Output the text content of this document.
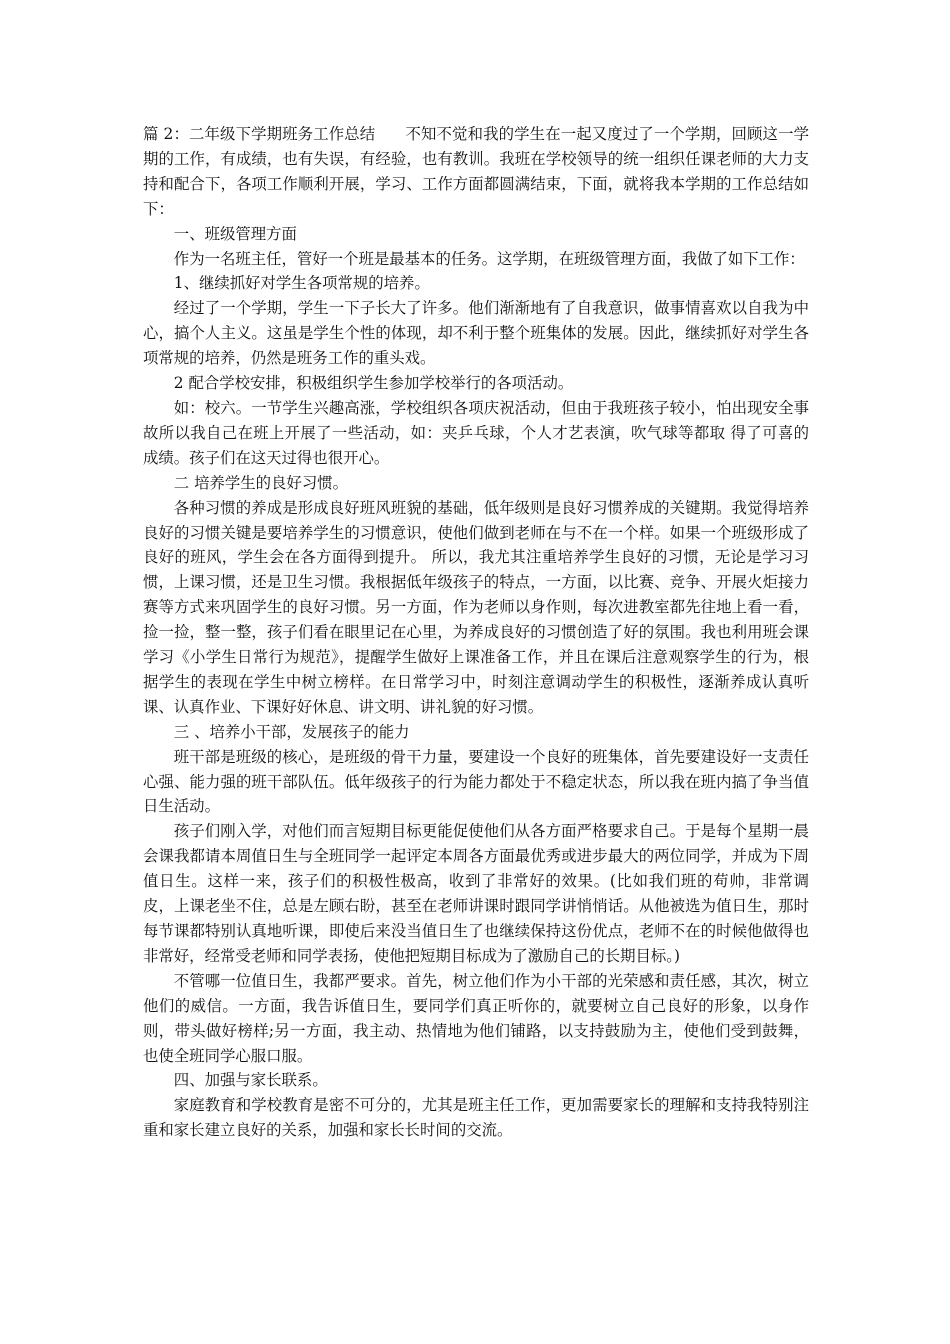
篇 2：二年级下学期班务工作总结 不知不觉和我的学生在一起又度过了一个学期，回顾这一学期的工作，有成绩，也有失误，有经验，也有教训。我班在学校领导的统一组织任课老师的大力支持和配合下，各项工作顺利开展，学习、工作方面都圆满结束，下面，就将我本学期的工作总结如下：

一、班级管理方面

作为一名班主任，管好一个班是最基本的任务。这学期，在班级管理方面，我做了如下工作：

1、继续抓好对学生各项常规的培养。

经过了一个学期，学生一下子长大了许多。他们渐渐地有了自我意识，做事情喜欢以自我为中心，搞个人主义。这虽是学生个性的体现，却不利于整个班集体的发展。因此，继续抓好对学生各项常规的培养，仍然是班务工作的重头戏。

2 配合学校安排，积极组织学生参加学校举行的各项活动。

如：校六。一节学生兴趣高涨，学校组织各项庆祝活动，但由于我班孩子较小，怕出现安全事故所以我自己在班上开展了一些活动，如：夹乒乓球，个人才艺表演，吹气球等都取 得了可喜的成绩。孩子们在这天过得也很开心。

二 培养学生的良好习惯。

各种习惯的养成是形成良好班风班貌的基础，低年级则是良好习惯养成的关键期。我觉得培养良好的习惯关键是要培养学生的习惯意识，使他们做到老师在与不在一个样。如果一个班级形成了良好的班风，学生会在各方面得到提升。 所以，我尤其注重培养学生良好的习惯，无论是学习习惯，上课习惯，还是卫生习惯。我根据低年级孩子的特点，一方面，以比赛、竞争、开展火炬接力赛等方式来巩固学生的良好习惯。另一方面，作为老师以身作则，每次进教室都先往地上看一看，捡一捡，整一整，孩子们看在眼里记在心里，为养成良好的习惯创造了好的氛围。我也利用班会课学习《小学生日常行为规范》，提醒学生做好上课准备工作，并且在课后注意观察学生的行为，根据学生的表现在学生中树立榜样。在日常学习中，时刻注意调动学生的积极性，逐渐养成认真听课、认真作业、下课好好休息、讲文明、讲礼貌的好习惯。

三 、培养小干部，发展孩子的能力

班干部是班级的核心，是班级的骨干力量，要建设一个良好的班集体，首先要建设好一支责任心强、能力强的班干部队伍。低年级孩子的行为能力都处于不稳定状态，所以我在班内搞了争当值日生活动。

孩子们刚入学，对他们而言短期目标更能促使他们从各方面严格要求自己。于是每个星期一晨会课我都请本周值日生与全班同学一起评定本周各方面最优秀或进步最大的两位同学，并成为下周值日生。这样一来，孩子们的积极性极高，收到了非常好的效果。(比如我们班的苟帅，非常调皮，上课老坐不住，总是左顾右盼，甚至在老师讲课时跟同学讲悄悄话。从他被选为值日生，那时每节课都特别认真地听课，即使后来没当值日生了也继续保持这份优点，老师不在的时候他做得也非常好，经常受老师和同学表扬，使他把短期目标成为了激励自己的长期目标。)

不管哪一位值日生，我都严要求。首先，树立他们作为小干部的光荣感和责任感，其次，树立他们的威信。一方面，我告诉值日生，要同学们真正听你的，就要树立自己良好的形象，以身作则，带头做好榜样;另一方面，我主动、热情地为他们铺路，以支持鼓励为主，使他们受到鼓舞，也使全班同学心服口服。

四、加强与家长联系。

家庭教育和学校教育是密不可分的，尤其是班主任工作，更加需要家长的理解和支持我特别注重和家长建立良好的关系，加强和家长长时间的交流。
